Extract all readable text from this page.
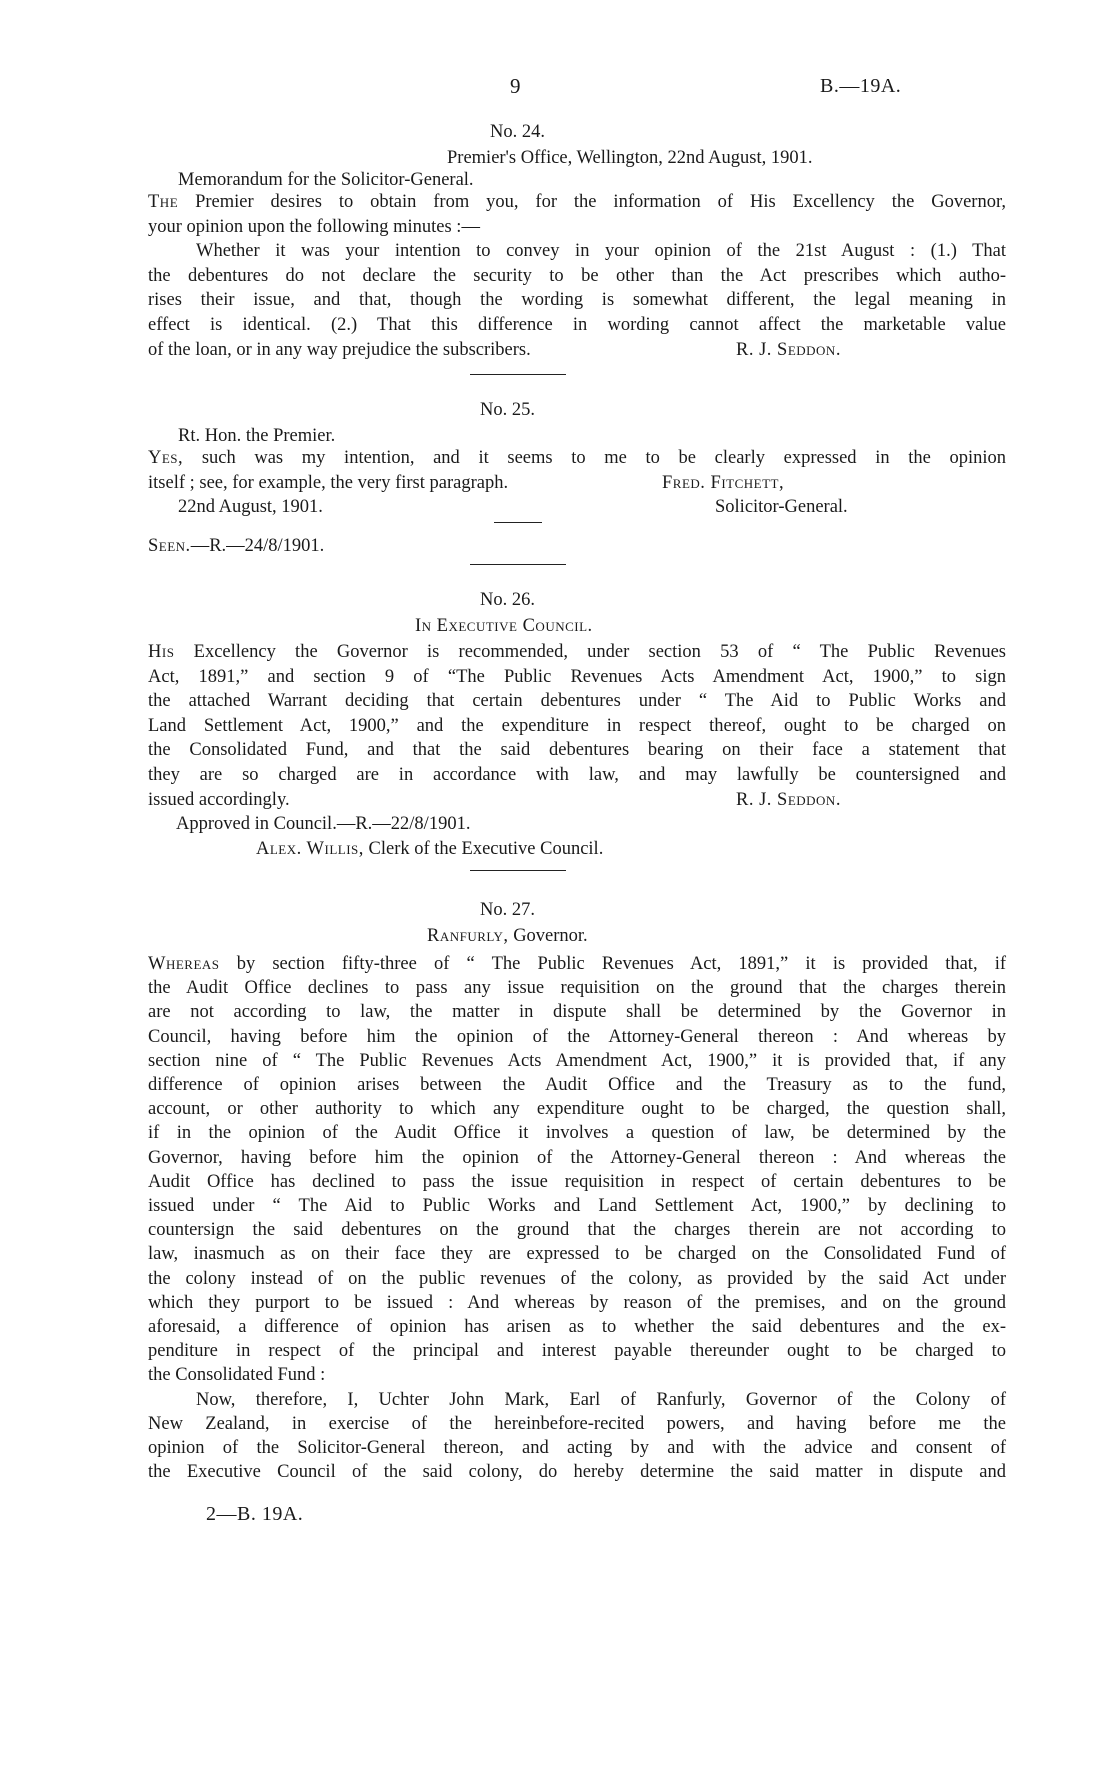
9	B.—19A.
No. 24.
Premier's Office, Wellington, 22nd August, 1901.
Memorandum for the Solicitor-General.
The Premier desires to obtain from you, for the information of His Excellency the Governor,
your opinion upon the following minutes :—
Whether it was your intention to convey in your opinion of the 21st August : (1.) That
the debentures do not declare the security to be other than the Act prescribes which autho-
rises their issue, and that, though the wording is somewhat different, the legal meaning in
effect is identical. (2.) That this difference in wording cannot affect the marketable value
of the loan, or in any way prejudice the subscribers.	R. J. Seddon.
No. 25.
Rt. Hon. the Premier.
Yes, such was my intention, and it seems to me to be clearly expressed in the opinion
itself ; see, for example, the very first paragraph.	Fred. Fitchett,
22nd August, 1901.	Solicitor-General.
Seen.—R.—24/8/1901.
No. 26.
In Executive Council.
His Excellency the Governor is recommended, under section 53 of “ The Public Revenues
Act, 1891,” and section 9 of “The Public Revenues Acts Amendment Act, 1900,” to sign
the attached Warrant deciding that certain debentures under “ The Aid to Public Works and
Land Settlement Act, 1900,” and the expenditure in respect thereof, ought to be charged on
the Consolidated Fund, and that the said debentures bearing on their face a statement that
they are so charged are in accordance with law, and may lawfully be countersigned and
issued accordingly.	R. J. Seddon.
Approved in Council.—R.—22/8/1901.
Alex. Willis, Clerk of the Executive Council.
No. 27.
Ranfurly, Governor.
Whereas by section fifty-three of “ The Public Revenues Act, 1891,” it is provided that, if
the Audit Office declines to pass any issue requisition on the ground that the charges therein
are not according to law, the matter in dispute shall be determined by the Governor in
Council, having before him the opinion of the Attorney-General thereon : And whereas by
section nine of “ The Public Revenues Acts Amendment Act, 1900,” it is provided that, if any
difference of opinion arises between the Audit Office and the Treasury as to the fund,
account, or other authority to which any expenditure ought to be charged, the question shall,
if in the opinion of the Audit Office it involves a question of law, be determined by the
Governor, having before him the opinion of the Attorney-General thereon : And whereas the
Audit Office has declined to pass the issue requisition in respect of certain debentures to be
issued under “ The Aid to Public Works and Land Settlement Act, 1900,” by declining to
countersign the said debentures on the ground that the charges therein are not according to
law, inasmuch as on their face they are expressed to be charged on the Consolidated Fund of
the colony instead of on the public revenues of the colony, as provided by the said Act under
which they purport to be issued : And whereas by reason of the premises, and on the ground
aforesaid, a difference of opinion has arisen as to whether the said debentures and the ex-
penditure in respect of the principal and interest payable thereunder ought to be charged to
the Consolidated Fund :
Now, therefore, I, Uchter John Mark, Earl of Ranfurly, Governor of the Colony of
New Zealand, in exercise of the hereinbefore-recited powers, and having before me the
opinion of the Solicitor-General thereon, and acting by and with the advice and consent of
the Executive Council of the said colony, do hereby determine the said matter in dispute and
2—B. 19A.
